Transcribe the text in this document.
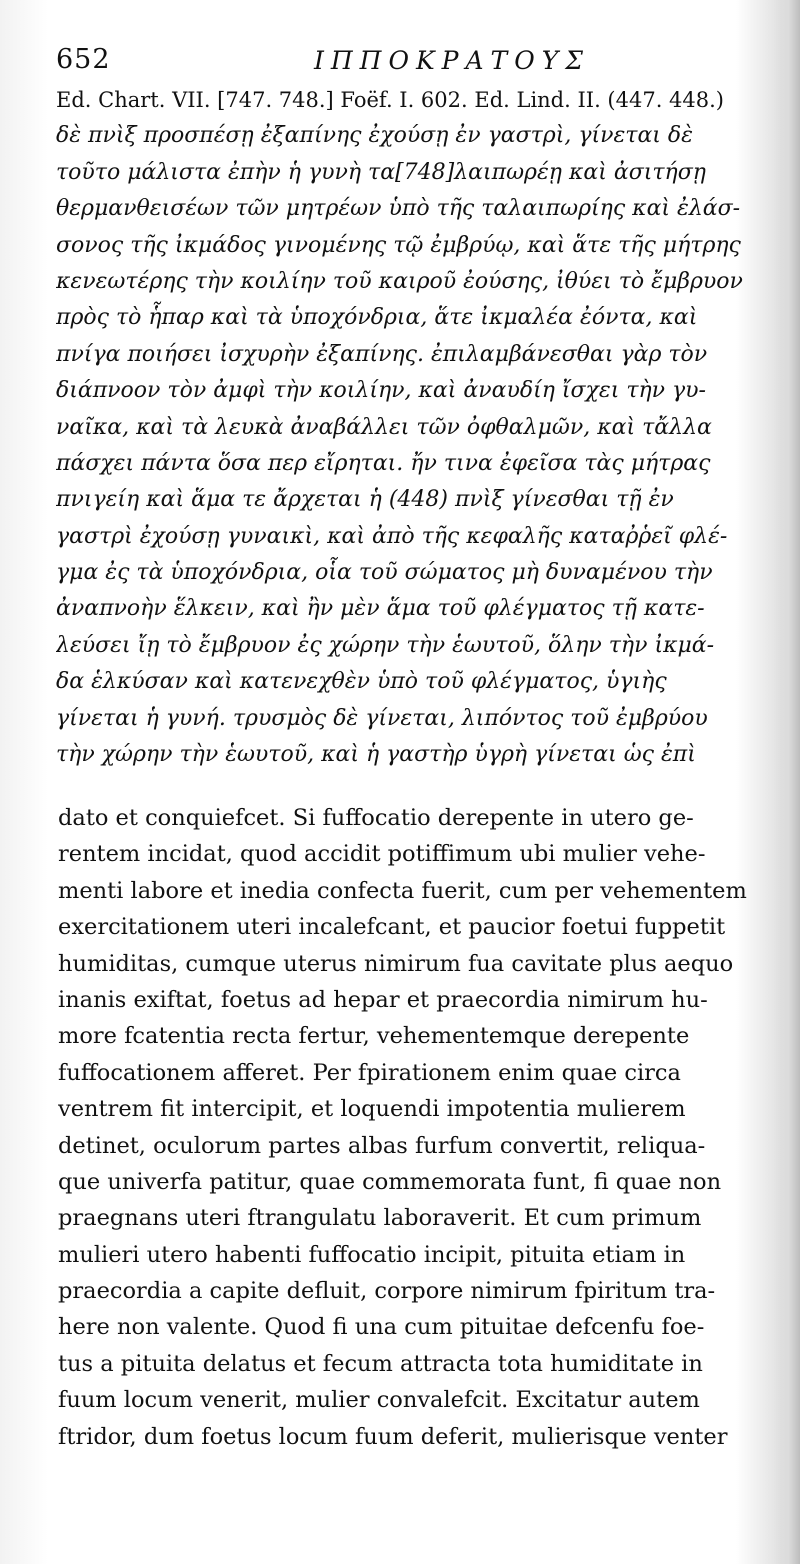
652	ΙΠΠΟΚΡΑΤΟΥΣ
Ed. Chart. VII. [747. 748.] Foëf. I. 602. Ed. Lind. II. (447. 448.)
δὲ πνὶξ προσπέσῃ ἐξαπίνης ἐχούσῃ ἐν γαστρὶ, γίνεται δὲ
τοῦτο μάλιστα ἐπὴν ἡ γυνὴ τα[748]λαιπωρέῃ καὶ ἀσιτήσῃ
θερμανθεισέων τῶν μητρέων ὑπὸ τῆς ταλαιπωρίης καὶ ἐλάσ-
σονος τῆς ἰκμάδος γινομένης τῷ ἐμβρύῳ, καὶ ἅτε τῆς μήτρης
κενεωτέρης τὴν κοιλίην τοῦ καιροῦ ἐούσης, ἰθύει τὸ ἔμβρυον
πρὸς τὸ ἧπαρ καὶ τὰ ὑποχόνδρια, ἅτε ἰκμαλέα ἐόντα, καὶ
πνίγα ποιήσει ἰσχυρὴν ἐξαπίνης. ἐπιλαμβάνεσθαι γὰρ τὸν
διάπνοον τὸν ἀμφὶ τὴν κοιλίην, καὶ ἀναυδίη ἴσχει τὴν γυ-
ναῖκα, καὶ τὰ λευκὰ ἀναβάλλει τῶν ὀφθαλμῶν, καὶ τἄλλα
πάσχει πάντα ὅσα περ εἴρηται. ἤν τινα ἐφεῖσα τὰς μήτρας
πνιγείη καὶ ἅμα τε ἄρχεται ἡ (448) πνὶξ γίνεσθαι τῇ ἐν
γαστρὶ ἐχούσῃ γυναικὶ, καὶ ἀπὸ τῆς κεφαλῆς καταῤῥεῖ φλέ-
γμα ἐς τὰ ὑποχόνδρια, οἷα τοῦ σώματος μὴ δυναμένου τὴν
ἀναπνοὴν ἕλκειν, καὶ ἢν μὲν ἅμα τοῦ φλέγματος τῇ κατε-
λεύσει ἴῃ τὸ ἔμβρυον ἐς χώρην τὴν ἑωυτοῦ, ὅλην τὴν ἰκμά-
δα ἑλκύσαν καὶ κατενεχθὲν ὑπὸ τοῦ φλέγματος, ὑγιὴς
γίνεται ἡ γυνή. τρυσμὸς δὲ γίνεται, λιπόντος τοῦ ἐμβρύου
τὴν χώρην τὴν ἑωυτοῦ, καὶ ἡ γαστὴρ ὑγρὴ γίνεται ὡς ἐπὶ
dato et conquiefcet. Si fuffocatio derepente in utero ge-
rentem incidat, quod accidit potiffimum ubi mulier vehe-
menti labore et inedia confecta fuerit, cum per vehementem
exercitationem uteri incalefcant, et paucior foetui fuppetit
humiditas, cumque uterus nimirum fua cavitate plus aequo
inanis exiftat, foetus ad hepar et praecordia nimirum hu-
more fcatentia recta fertur, vehementemque derepente
fuffocationem afferet. Per fpirationem enim quae circa
ventrem fit intercipit, et loquendi impotentia mulierem
detinet, oculorum partes albas furfum convertit, reliqua-
que univerfa patitur, quae commemorata funt, fi quae non
praegnans uteri ftrangulatu laboraverit. Et cum primum
mulieri utero habenti fuffocatio incipit, pituita etiam in
praecordia a capite defluit, corpore nimirum fpiritum tra-
here non valente. Quod fi una cum pituitae defcenfu foe-
tus a pituita delatus et fecum attracta tota humiditate in
fuum locum venerit, mulier convalefcit. Excitatur autem
ftridor, dum foetus locum fuum deferit, mulierisque venter
